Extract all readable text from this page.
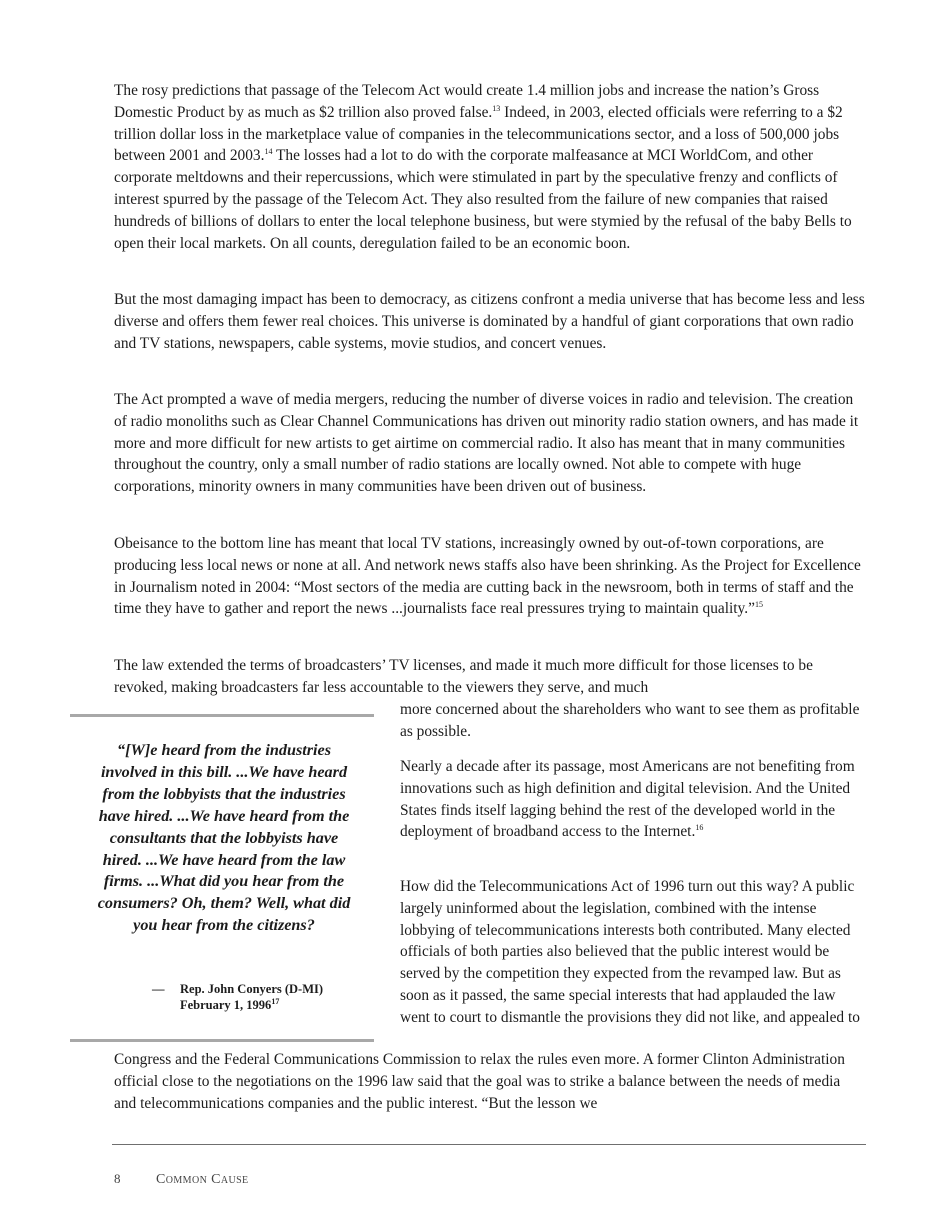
The rosy predictions that passage of the Telecom Act would create 1.4 million jobs and increase the nation’s Gross Domestic Product by as much as $2 trillion also proved false.$^{13}$ Indeed, in 2003, elected officials were referring to a $2 trillion dollar loss in the marketplace value of companies in the telecommunications sector, and a loss of 500,000 jobs between 2001 and 2003.14 The losses had a lot to do with the corporate malfeasance at MCI WorldCom, and other corporate meltdowns and their repercussions, which were stimulated in part by the speculative frenzy and conflicts of interest spurred by the passage of the Telecom Act. They also resulted from the failure of new companies that raised hundreds of billions of dollars to enter the local telephone business, but were stymied by the refusal of the baby Bells to open their local markets. On all counts, deregulation failed to be an economic boon.

But the most damaging impact has been to democracy, as citizens confront a media universe that has become less and less diverse and offers them fewer real choices. This universe is dominated by a handful of giant corporations that own radio and TV stations, newspapers, cable systems, movie studios, and concert venues.

The Act prompted a wave of media mergers, reducing the number of diverse voices in radio and television. The creation of radio monoliths such as Clear Channel Communications has driven out minority radio station owners, and has made it more and more difficult for new artists to get airtime on commercial radio. It also has meant that in many communities throughout the country, only a small number of radio stations are locally owned. Not able to compete with huge corporations, minority owners in many communities have been driven out of business.

Obeisance to the bottom line has meant that local TV stations, increasingly owned by out-of-town corporations, are producing less local news or none at all. And network news staffs also have been shrinking. As the Project for Excellence in Journalism noted in 2004: “Most sectors of the media are cutting back in the newsroom, both in terms of staff and the time they have to gather and report the news ...journalists face real pressures trying to maintain quality.”$^{15}$

The law extended the terms of broadcasters’ TV licenses, and made it much more difficult for those licenses to be revoked, making broadcasters far less accountable to the viewers they serve, and much

more concerned about the shareholders who want to see them as profitable as possible.

Nearly a decade after its passage, most Americans are not benefiting from innovations such as high definition and digital television. And the United States finds itself lagging behind the rest of the developed world in the deployment of broadband access to the Internet.$^{16}$

How did the Telecommunications Act of 1996 turn out this way? A public largely uninformed about the legislation, combined with the intense lobbying of telecommunications interests both contributed. Many elected officials of both parties also believed that the public interest would be served by the competition they expected from the revamped law. But as soon as it passed, the same special interests that had applauded the law went to court to dismantle the provisions they did not like, and appealed to

Congress and the Federal Communications Commission to relax the rules even more. A former Clinton Administration official close to the negotiations on the 1996 law said that the goal was to strike a balance between the needs of media and telecommunications companies and the public interest. “But the lesson we

“[W]e heard from the industries involved in this bill. ...We have heard from the lobbyists that the industries have hired. ...We have heard from the consultants that the lobbyists have hired. ...We have heard from the law firms. ...What did you hear from the consumers? Oh, them? Well, what did you hear from the citizens?

—	Rep. John Conyers (D-MI)
February 1, 1996$^{17}$
8	Common Cause
